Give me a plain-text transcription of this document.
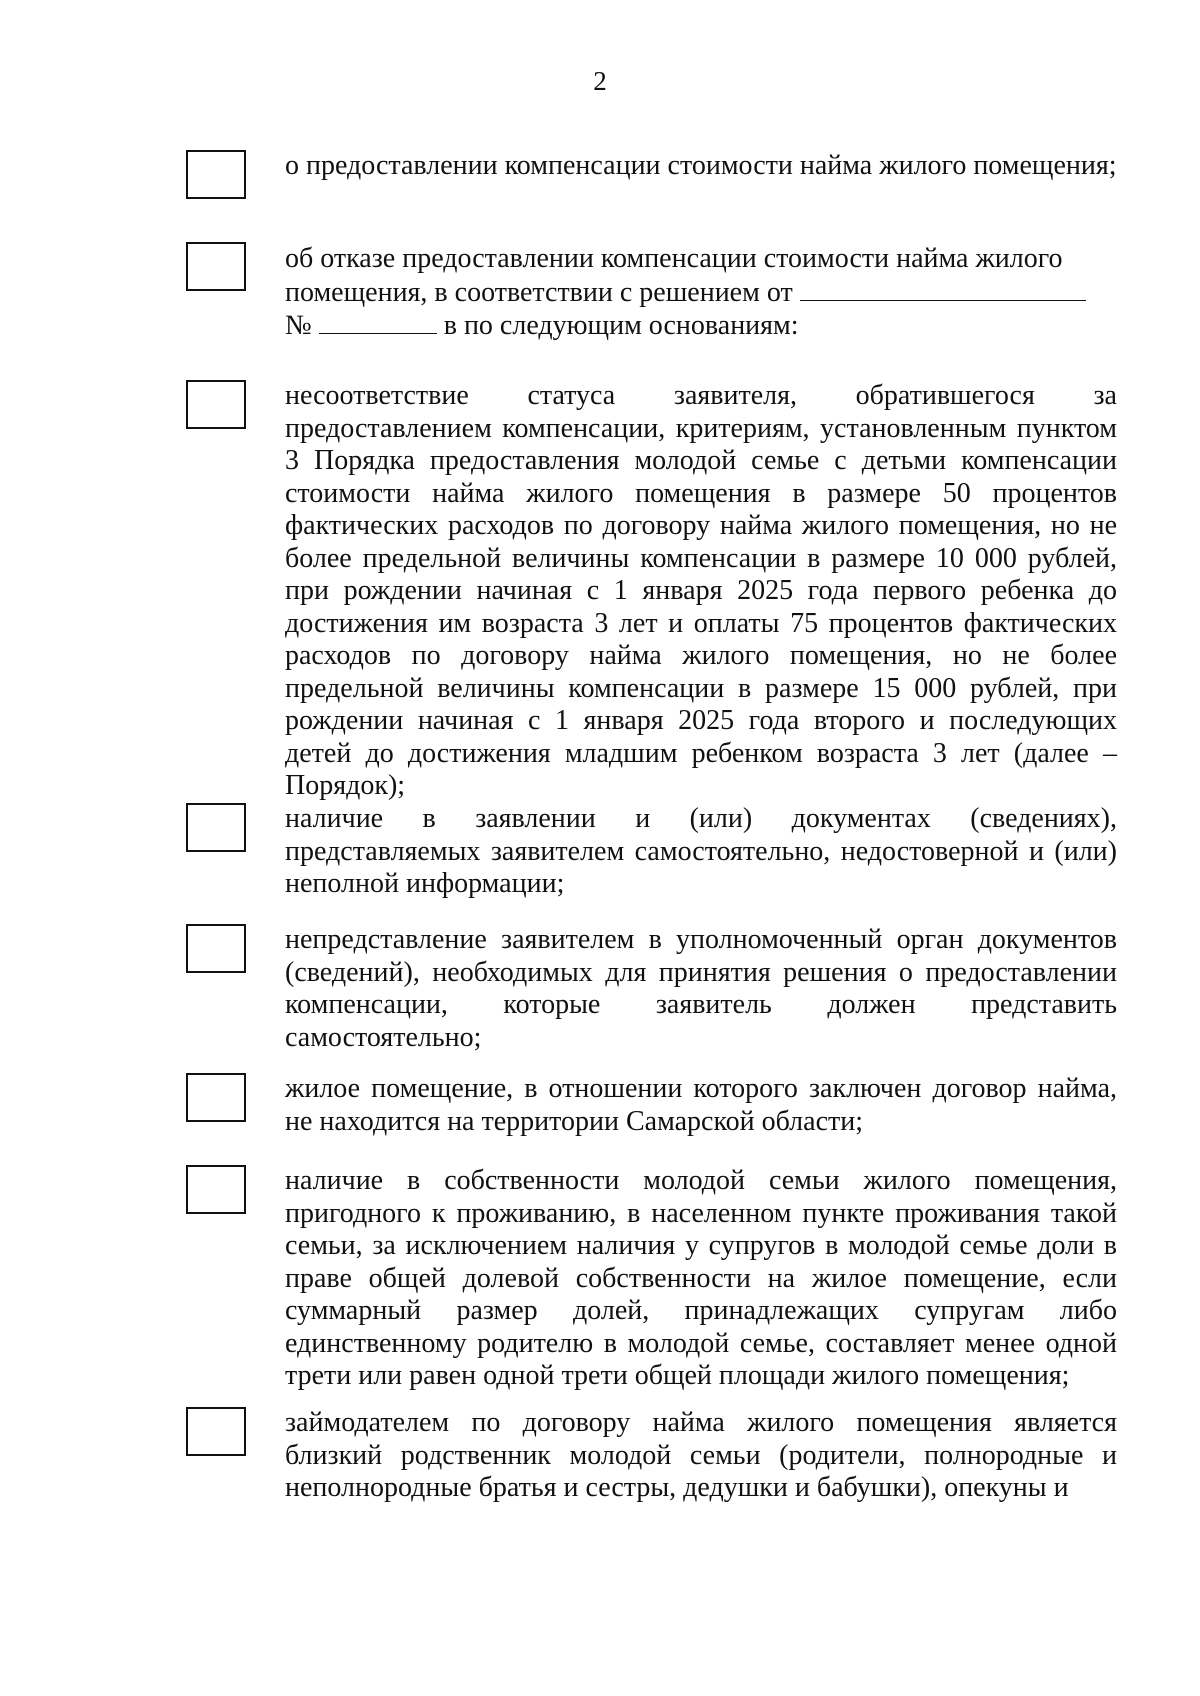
2
о предоставлении компенсации стоимости найма жилого помещения;
об отказе предоставлении компенсации стоимости найма жилого
помещения, в соответствии с решением от
№	в по следующим основаниям:
несоответствие статуса заявителя, обратившегося за предоставлением компенсации, критериям, установленным пунктом 3 Порядка предоставления молодой семье с детьми компенсации стоимости найма жилого помещения в размере 50 процентов фактических расходов по договору найма жилого помещения, но не более предельной величины компенсации в размере 10 000 рублей, при рождении начиная с 1 января 2025 года первого ребенка до достижения им возраста 3 лет и оплаты 75 процентов фактических расходов по договору найма жилого помещения, но не более предельной величины компенсации в размере 15 000 рублей, при рождении начиная с 1 января 2025 года второго и последующих детей до достижения младшим ребенком возраста 3 лет (далее – Порядок);
наличие в заявлении и (или) документах (сведениях), представляемых заявителем самостоятельно, недостоверной и (или) неполной информации;
непредставление заявителем в уполномоченный орган документов (сведений), необходимых для принятия решения о предоставлении компенсации, которые заявитель должен представить самостоятельно;
жилое помещение, в отношении которого заключен договор найма, не находится на территории Самарской области;
наличие в собственности молодой семьи жилого помещения, пригодного к проживанию, в населенном пункте проживания такой семьи, за исключением наличия у супругов в молодой семье доли в праве общей долевой собственности на жилое помещение, если суммарный размер долей, принадлежащих супругам либо единственному родителю в молодой семье, составляет менее одной трети или равен одной трети общей площади жилого помещения;
займодателем по договору найма жилого помещения является близкий родственник молодой семьи (родители, полнородные и неполнородные братья и сестры, дедушки и бабушки), опекуны и
